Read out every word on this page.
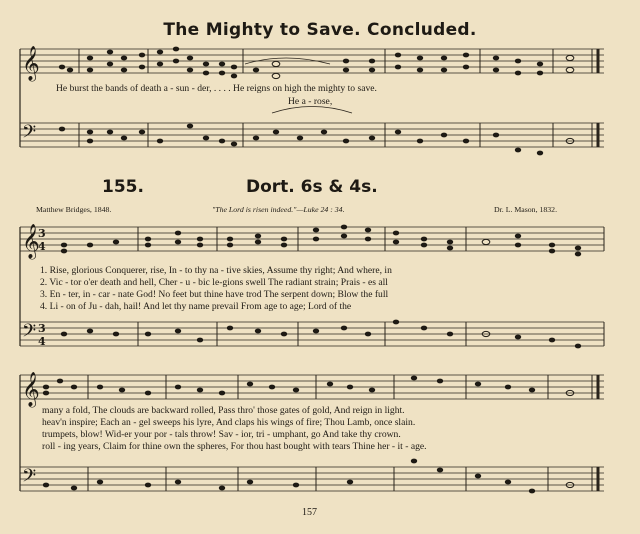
The Mighty to Save. Concluded.
𝄞
𝄢
𝄞
𝄢
𝄞
𝄢
3
4
3
4
He burst the bands of death a - sun - der, . . . . He reigns on high the mighty to save.
He a - rose,
155.	Dort. 6s & 4s.
Matthew Bridges, 1848.	"The Lord is risen indeed."—Luke 24 : 34.	Dr. L. Mason, 1832.
1. Rise, glorious Conquerer, rise, In - to thy na - tive skies, Assume thy right; And where, in
2. Vic - tor o'er death and hell, Cher - u - bic le-gions swell The radiant strain; Prais - es all
3. En - ter, in - car - nate God! No feet but thine have trod The serpent down; Blow the full
4. Li - on of Ju - dah, hail! And let thy name prevail From age to age; Lord of the
many a fold, The clouds are backward rolled, Pass thro' those gates of gold, And reign in light.
heav'n inspire; Each an - gel sweeps his lyre, And claps his wings of fire; Thou Lamb, once slain.
trumpets, blow! Wid-er your por - tals throw! Sav - ior, tri - umphant, go And take thy crown.
roll - ing years, Claim for thine own the spheres, For thou hast bought with tears Thine her - it - age.
157
